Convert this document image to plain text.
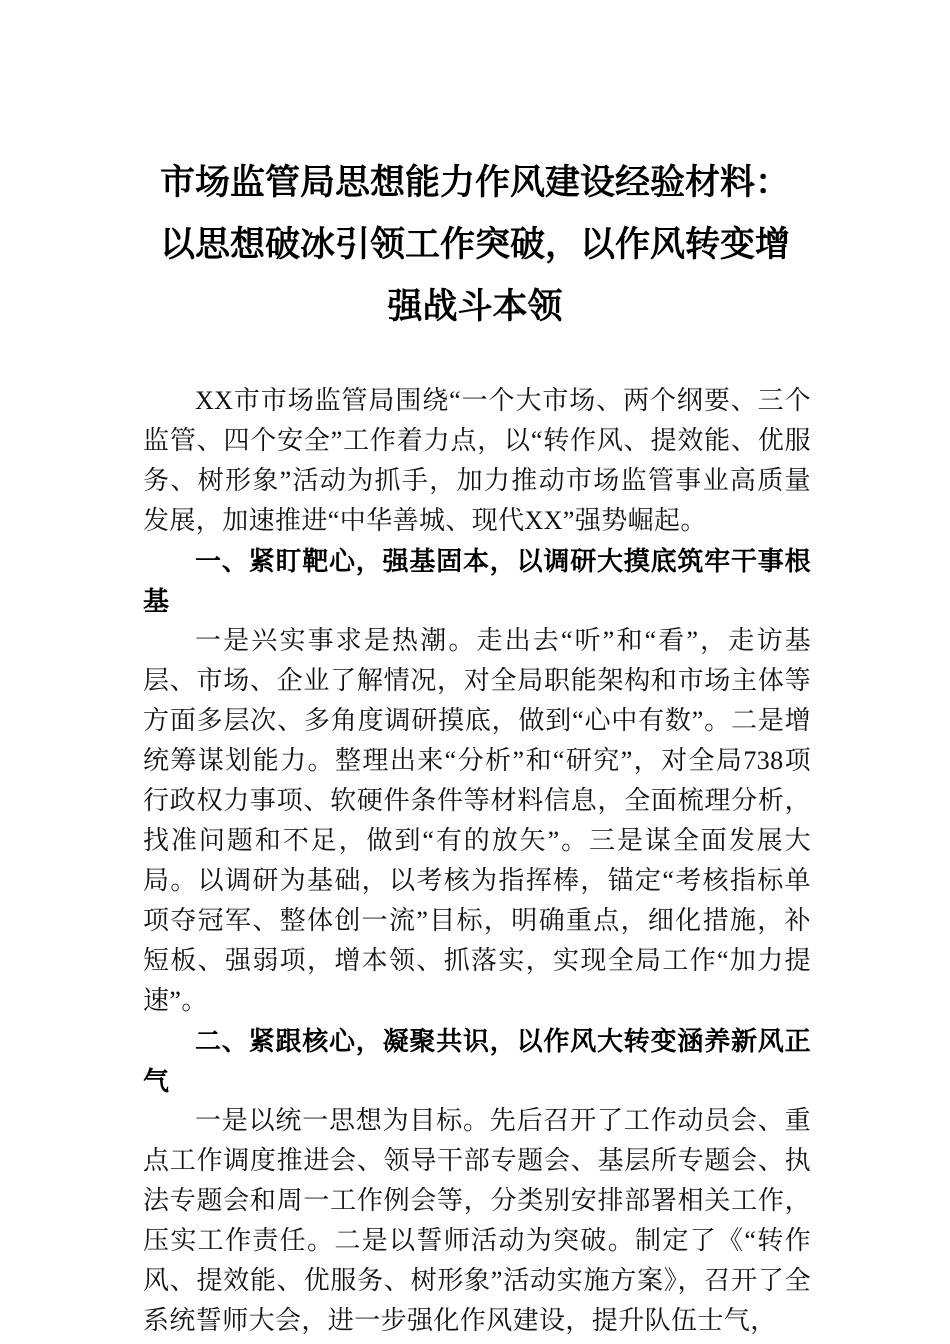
市场监管局思想能力作风建设经验材料：
以思想破冰引领工作突破，以作风转变增
强战斗本领

XX市市场监管局围绕“一个大市场、两个纲要、三个监管、四个安全”工作着力点，以“转作风、提效能、优服务、树形象”活动为抓手，加力推动市场监管事业高质量发展，加速推进“中华善城、现代XX”强势崛起。

一、紧盯靶心，强基固本，以调研大摸底筑牢干事根基

一是兴实事求是热潮。走出去“听”和“看”，走访基层、市场、企业了解情况，对全局职能架构和市场主体等方面多层次、多角度调研摸底，做到“心中有数”。二是增统筹谋划能力。整理出来“分析”和“研究”，对全局738项行政权力事项、软硬件条件等材料信息，全面梳理分析，找准问题和不足，做到“有的放矢”。三是谋全面发展大局。以调研为基础，以考核为指挥棒，锚定“考核指标单项夺冠军、整体创一流”目标，明确重点，细化措施，补短板、强弱项，增本领、抓落实，实现全局工作“加力提速”。

二、紧跟核心，凝聚共识，以作风大转变涵养新风正气

一是以统一思想为目标。先后召开了工作动员会、重点工作调度推进会、领导干部专题会、基层所专题会、执法专题会和周一工作例会等，分类别安排部署相关工作，压实工作责任。二是以誓师活动为突破。制定了《“转作风、提效能、优服务、树形象”活动实施方案》，召开了全系统誓师大会，进一步强化作风建设，提升队伍士气，
